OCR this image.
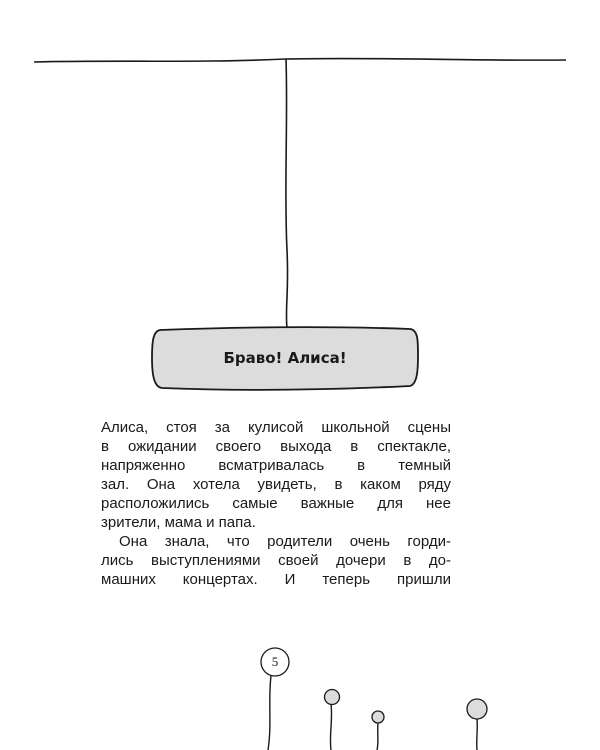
Браво! Алиса!
Алиса, стоя за кулисой школьной сцены
в ожидании своего выхода в спектакле,
напряженно всматривалась в темный
зал. Она хотела увидеть, в каком ряду
расположились самые важные для нее
зрители, мама и папа.
Она знала, что родители очень горди-
лись выступлениями своей дочери в до-
машних концертах. И теперь пришли
5
